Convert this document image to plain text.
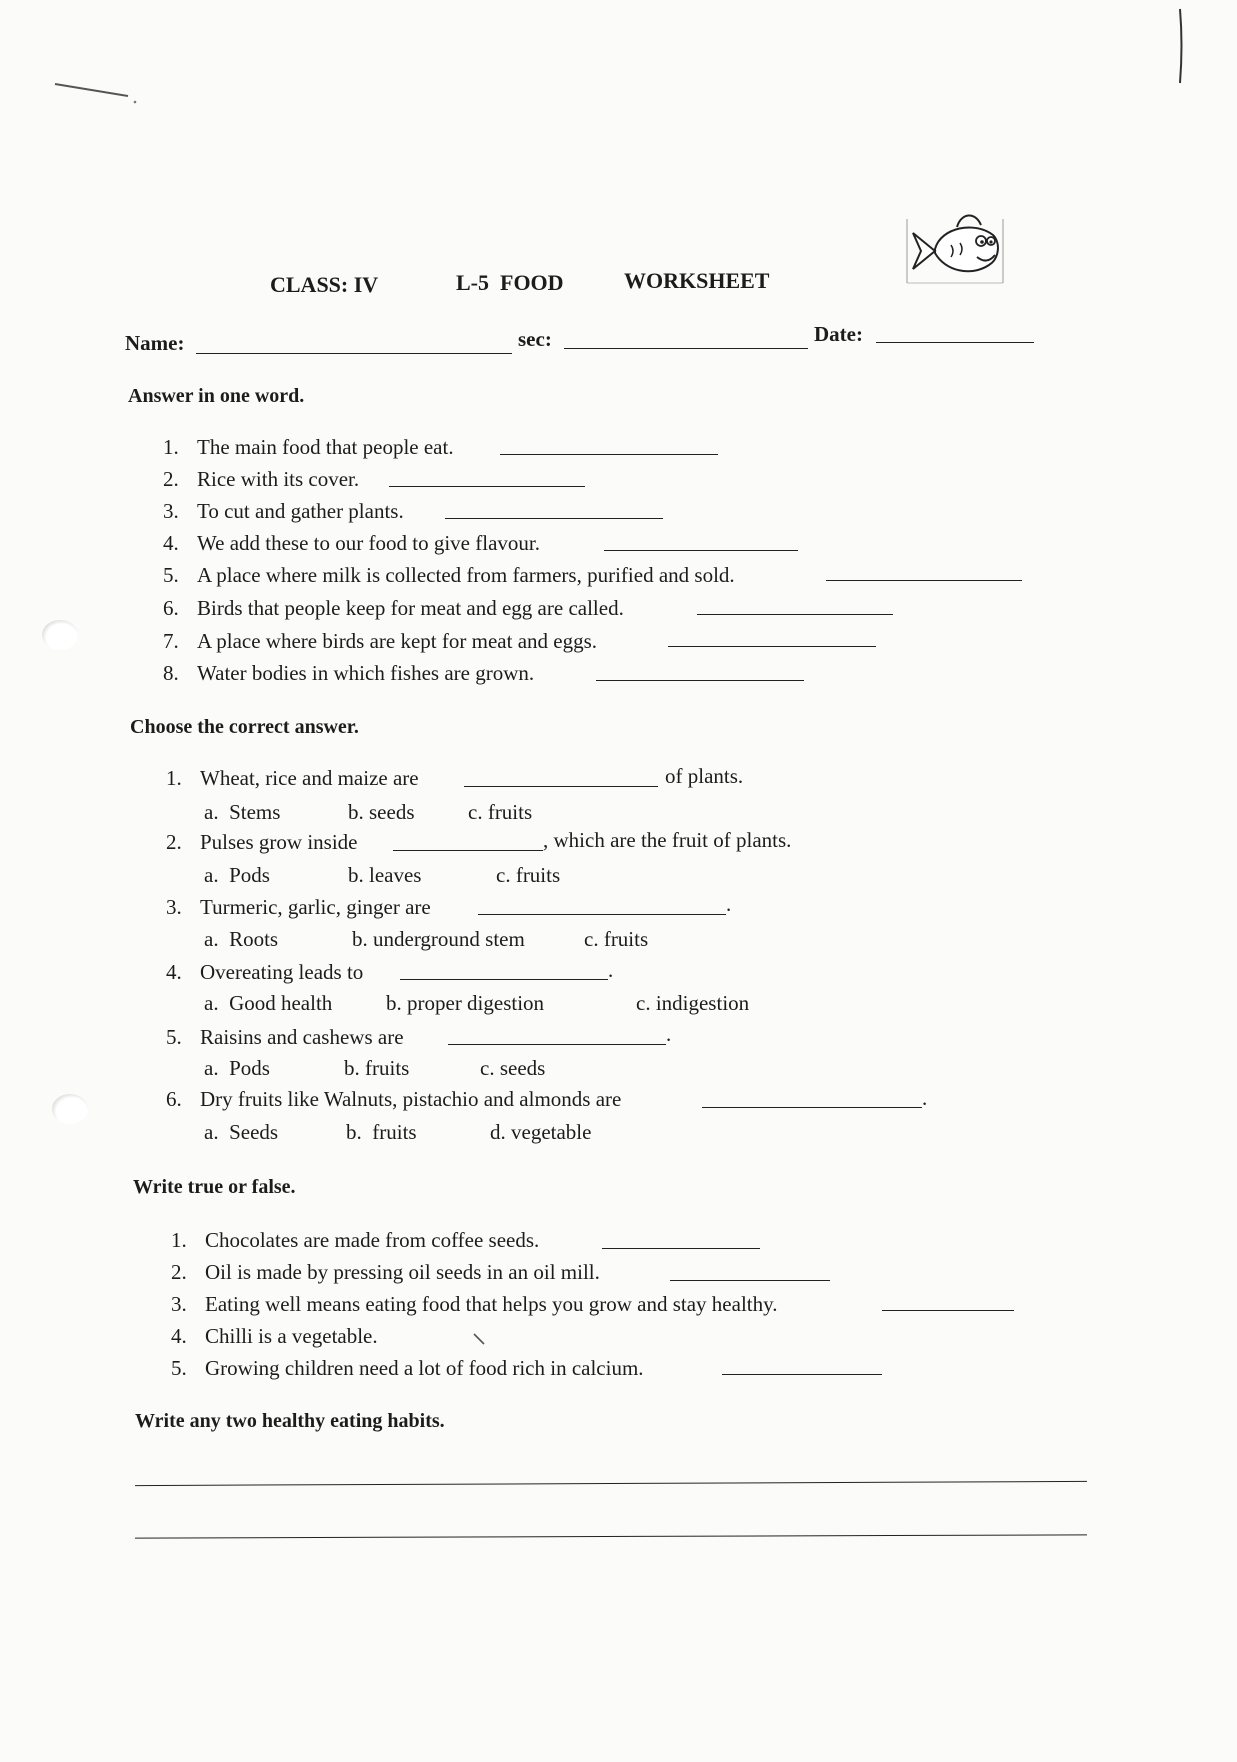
CLASS: IV	L-5  FOOD	WORKSHEET
Name:	sec:	Date:
Answer in one word.
1. The main food that people eat.
2. Rice with its cover.
3. To cut and gather plants.
4. We add these to our food to give flavour.
5. A place where milk is collected from farmers, purified and sold.
6. Birds that people keep for meat and egg are called.
7. A place where birds are kept for meat and eggs.
8. Water bodies in which fishes are grown.
Choose the correct answer.
1. Wheat, rice and maize are	of plants.
a.  Stems	b. seeds	c. fruits
2. Pulses grow inside	, which are the fruit of plants.
a.  Pods	b. leaves	c. fruits
3. Turmeric, garlic, ginger are	.
a.  Roots	b. underground stem	c. fruits
4. Overeating leads to	.
a.  Good health	b. proper digestion	c. indigestion
5. Raisins and cashews are	.
a.  Pods	b. fruits	c. seeds
6. Dry fruits like Walnuts, pistachio and almonds are	.
a.  Seeds	b.  fruits	d. vegetable
Write true or false.
1. Chocolates are made from coffee seeds.
2. Oil is made by pressing oil seeds in an oil mill.
3. Eating well means eating food that helps you grow and stay healthy.
4. Chilli is a vegetable.
5. Growing children need a lot of food rich in calcium.
Write any two healthy eating habits.
